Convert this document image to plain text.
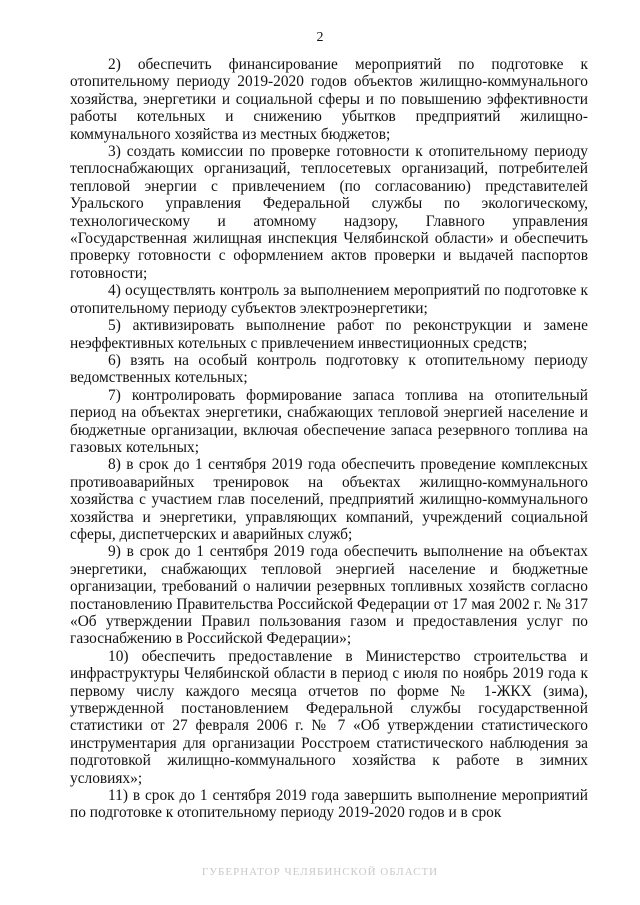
2

2) обеспечить финансирование мероприятий по подготовке к отопительному периоду 2019-2020 годов объектов жилищно-коммунального хозяйства, энергетики и социальной сферы и по повышению эффективности работы котельных и снижению убытков предприятий жилищно-коммунального хозяйства из местных бюджетов;

3) создать комиссии по проверке готовности к отопительному периоду теплоснабжающих организаций, теплосетевых организаций, потребителей тепловой энергии с привлечением (по согласованию) представителей Уральского управления Федеральной службы по экологическому, технологическому и атомному надзору, Главного управления «Государственная жилищная инспекция Челябинской области» и обеспечить проверку готовности с оформлением актов проверки и выдачей паспортов готовности;

4) осуществлять контроль за выполнением мероприятий по подготовке к отопительному периоду субъектов электроэнергетики;

5) активизировать выполнение работ по реконструкции и замене неэффективных котельных с привлечением инвестиционных средств;

6) взять на особый контроль подготовку к отопительному периоду ведомственных котельных;

7) контролировать формирование запаса топлива на отопительный период на объектах энергетики, снабжающих тепловой энергией население и бюджетные организации, включая обеспечение запаса резервного топлива на газовых котельных;

8) в срок до 1 сентября 2019 года обеспечить проведение комплексных противоаварийных тренировок на объектах жилищно-коммунального хозяйства с участием глав поселений, предприятий жилищно-коммунального хозяйства и энергетики, управляющих компаний, учреждений социальной сферы, диспетчерских и аварийных служб;

9) в срок до 1 сентября 2019 года обеспечить выполнение на объектах энергетики, снабжающих тепловой энергией население и бюджетные организации, требований о наличии резервных топливных хозяйств согласно постановлению Правительства Российской Федерации от 17 мая 2002 г. № 317 «Об утверждении Правил пользования газом и предоставления услуг по газоснабжению в Российской Федерации»;

10) обеспечить предоставление в Министерство строительства и инфраструктуры Челябинской области в период с июля по ноябрь 2019 года к первому числу каждого месяца отчетов по форме № 1-ЖКХ (зима), утвержденной постановлением Федеральной службы государственной статистики от 27 февраля 2006 г. № 7 «Об утверждении статистического инструментария для организации Росстроем статистического наблюдения за подготовкой жилищно-коммунального хозяйства к работе в зимних условиях»;

11) в срок до 1 сентября 2019 года завершить выполнение мероприятий по подготовке к отопительному периоду 2019-2020 годов и в срок

ГУБЕРНАТОР ЧЕЛЯБИНСКОЙ ОБЛАСТИ
